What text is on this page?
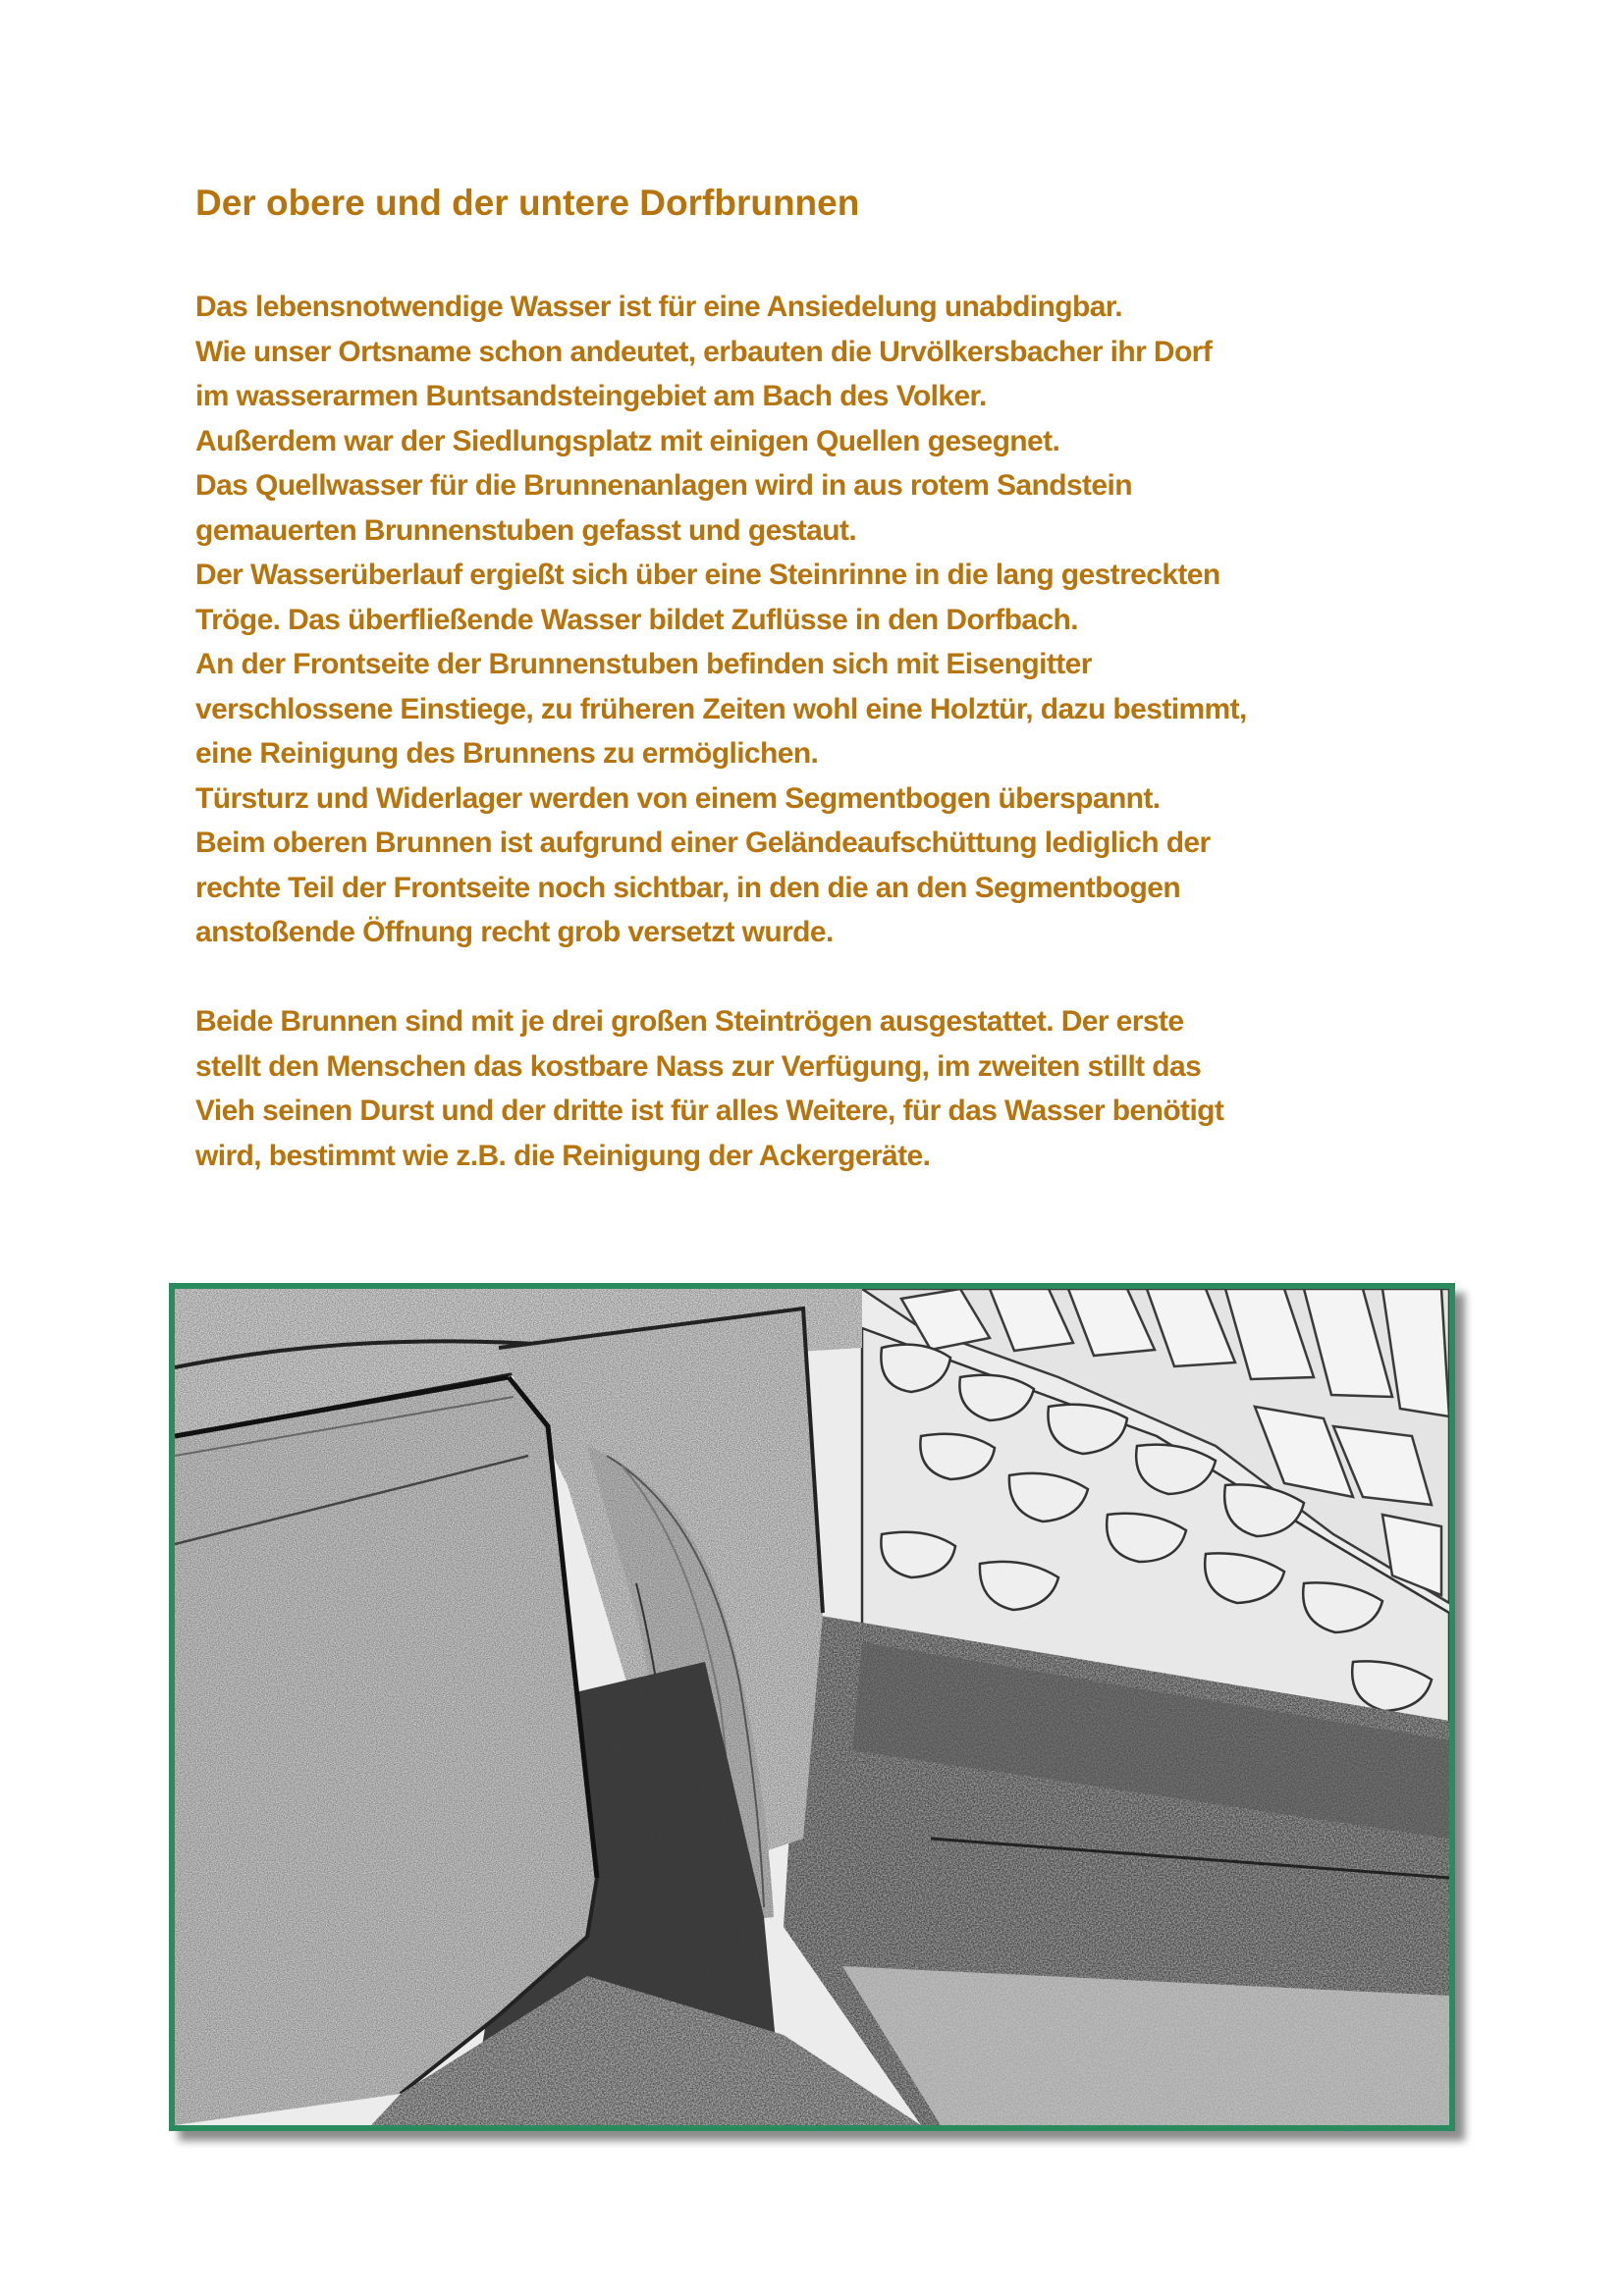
Der obere und der untere Dorfbrunnen
Das lebensnotwendige Wasser ist für eine Ansiedelung unabdingbar.
Wie unser Ortsname schon andeutet, erbauten die Urvölkersbacher ihr Dorf
im wasserarmen Buntsandsteingebiet am Bach des Volker.
Außerdem war der Siedlungsplatz mit einigen Quellen gesegnet.
Das Quellwasser für die Brunnenanlagen wird in aus rotem Sandstein
gemauerten Brunnenstuben gefasst und gestaut.
Der Wasserüberlauf ergießt sich über eine Steinrinne in die lang gestreckten
Tröge. Das überfließende Wasser bildet Zuflüsse in den Dorfbach.
An der Frontseite der Brunnenstuben befinden sich mit Eisengitter
verschlossene Einstiege, zu früheren Zeiten wohl eine Holztür, dazu bestimmt,
eine Reinigung des Brunnens zu ermöglichen.
Türsturz und Widerlager werden von einem Segmentbogen überspannt.
Beim oberen Brunnen ist aufgrund einer Geländeaufschüttung lediglich der
rechte Teil der Frontseite noch sichtbar, in den die an den Segmentbogen
anstoßende Öffnung recht grob versetzt wurde.
Beide Brunnen sind mit je drei großen Steintrögen ausgestattet. Der erste
stellt den Menschen das kostbare Nass zur Verfügung, im zweiten stillt das
Vieh seinen Durst und der dritte ist für alles Weitere, für das Wasser benötigt
wird, bestimmt wie z.B. die Reinigung der Ackergeräte.
